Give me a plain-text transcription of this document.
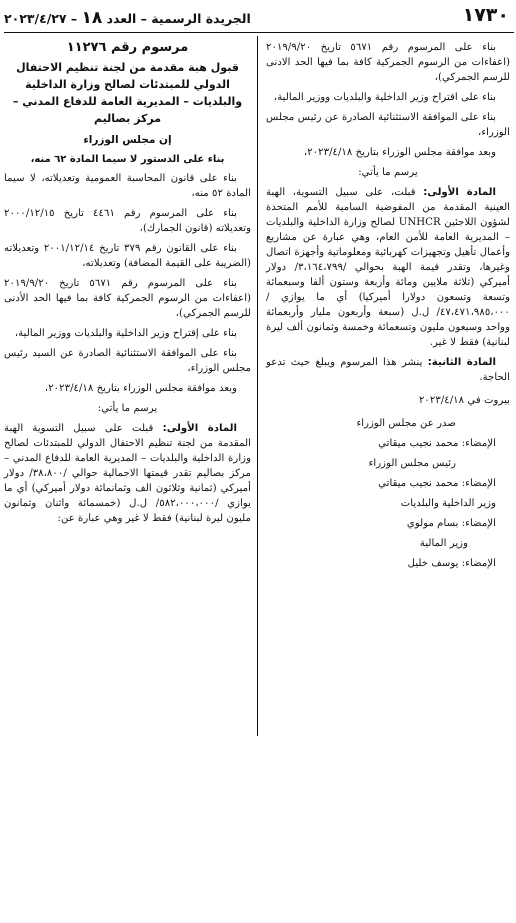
١٧٣٠
الجريدة الرسمية – العدد ١٨ – ٢٠٢٣/٤/٢٧

بناء على المرسوم رقم ٥٦٧١ تاريخ ٢٠١٩/٩/٢٠ (اعفاءات من الرسوم الجمركية كافة بما فيها الحد الادنى للرسم الجمركي)،

بناء على اقتراح وزير الداخلية والبلديات ووزير المالية،

بناء على الموافقة الاستثنائية الصادرة عن رئيس مجلس الوزراء،

وبعد موافقة مجلس الوزراء بتاريخ ٢٠٢٣/٤/١٨،

يرسم ما يأتي:

المادة الأولى: قبلت، على سبيل التسوية، الهبة العينية المقدمة من المفوضية السامية للأمم المتحدة لشؤون اللاجئين UNHCR لصالح وزارة الداخلية والبلديات – المديرية العامة للأمن العام، وهي عبارة عن مشاريع وأعمال تأهيل وتجهيزات كهربائية ومعلوماتية وأجهزة اتصال وغيرها، وتقدر قيمة الهبة بحوالي /٣،١٦٤،٧٩٩/ دولار أميركي (ثلاثة ملايين ومائة وأربعة وستون ألفا وسبعمائة وتسعة وتسعون دولارا أميركيا) أي ما يوازي /٤٧،٤٧١،٩٨٥،٠٠٠/ ل.ل (سبعة وأربعون مليار وأربعمائة وواحد وسبعون مليون وتسعمائة وخمسة وثمانون ألف ليرة لبنانية) فقط لا غير.

المادة الثانية: ينشر هذا المرسوم ويبلغ حيث تدعو الحاجة.

بيروت في ٢٠٢٣/٤/١٨

صدر عن مجلس الوزراء

الإمضاء: محمد نجيب ميقاتي

رئيس مجلس الوزراء

الإمضاء: محمد نجيب ميقاتي

وزير الداخلية والبلديات

الإمضاء: بسام مولوي

وزير المالية

الإمضاء: يوسف خليل

مرسوم رقم ١١٢٧٦
قبول هبة مقدمة من لجنة تنظيم الاحتفال الدولي للمبتدئات لصالح وزارة الداخلية والبلديات – المديرية العامة للدفاع المدني – مركز بصاليم
إن مجلس الوزراء
بناء على الدستور لا سيما المادة ٦٢ منه،

بناء على قانون المحاسبة العمومية وتعديلاته، لا سيما المادة ٥٢ منه،

بناء على المرسوم رقم ٤٤٦١ تاريخ ٢٠٠٠/١٢/١٥ وتعديلاته (قانون الجمارك)،

بناء على القانون رقم ٣٧٩ تاريخ ٢٠٠١/١٢/١٤ وتعديلاته (الضريبة على القيمة المضافة) وتعديلاته،

بناء على المرسوم رقم ٥٦٧١ تاريخ ٢٠١٩/٩/٢٠ (اعفاءات من الرسوم الجمركية كافة بما فيها الحد الأدنى للرسم الجمركي)،

بناء على إقتراح وزير الداخلية والبلديات ووزير المالية،

بناء على الموافقة الاستثنائية الصادرة عن السيد رئيس مجلس الوزراء،

وبعد موافقة مجلس الوزراء بتاريخ ٢٠٢٣/٤/١٨،

يرسم ما يأتي:

المادة الأولى: قبلت على سبيل التسوية الهبة المقدمة من لجنة تنظيم الاحتفال الدولي للمبتدئات لصالح وزارة الداخلية والبلديات – المديرية العامة للدفاع المدني – مركز بصاليم تقدر قيمتها الاجمالية حوالي /٣٨،٨٠٠/ دولار أميركي (ثمانية وثلاثون الف وثمانمائة دولار أميركي) أي ما يوازي /٥٨٢،٠٠٠،٠٠٠/ ل.ل (خمسمائة واثنان وثمانون مليون ليرة لبنانية) فقط لا غير وهي عبارة عن:
